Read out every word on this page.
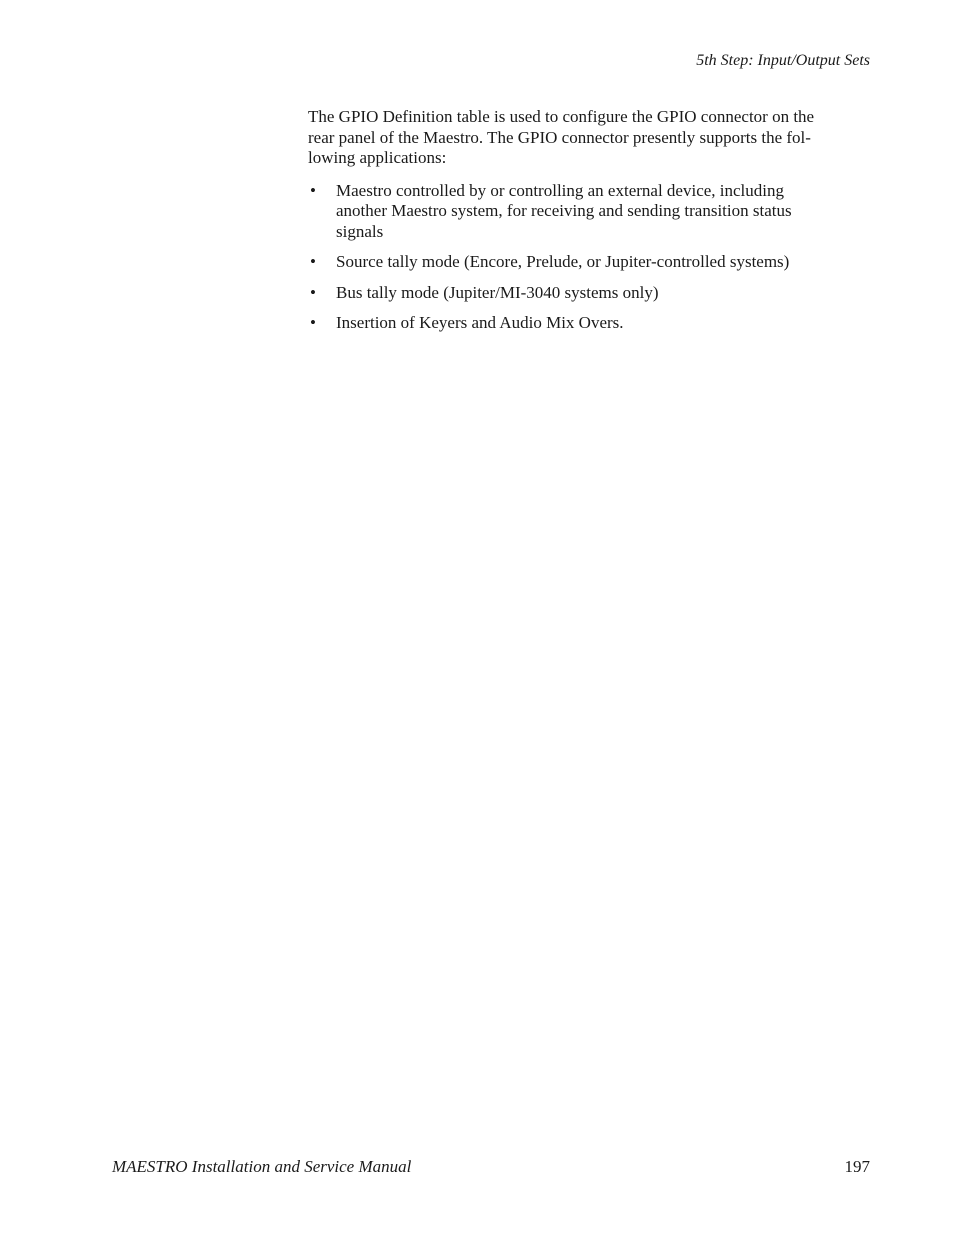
5th Step: Input/Output Sets

The GPIO Definition table is used to configure the GPIO connector on the
rear panel of the Maestro. The GPIO connector presently supports the fol-
lowing applications:

• Maestro controlled by or controlling an external device, including
another Maestro system, for receiving and sending transition status
signals
• Source tally mode (Encore, Prelude, or Jupiter-controlled systems)
• Bus tally mode (Jupiter/MI-3040 systems only)
• Insertion of Keyers and Audio Mix Overs.
MAESTRO Installation and Service Manual	197
